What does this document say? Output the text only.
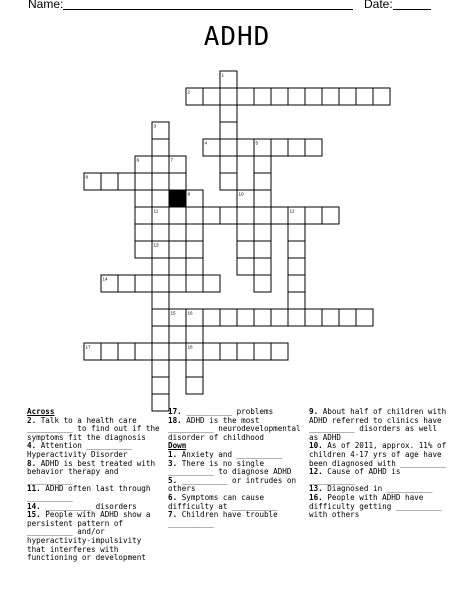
Name:	Date:
ADHD
2
4
8
11
14
15
17	18
1
3
5
6	7
9	10
12
13
16

Across

2. Talk to a health care __________ to find out if the symptoms fit the diagnosis

4. Attention __________ Hyperactivity Disorder

8. ADHD is best treated with behavior therapy and __________

11. ADHD often last through __________

14. __________ disorders

15. People with ADHD show a persistent pattern of __________ and/or hyperactivity-impulsivity that interferes with functioning or development

17. __________ problems

18. ADHD is the most __________ neurodevelopmental disorder of childhood

Down

1. Anxiety and __________

3. There is no single __________ to diagnose ADHD

5. __________ or intrudes on others

6. Symptoms can cause difficulty at __________

7. Children have trouble __________

9. About half of children with ADHD referred to clinics have __________ disorders as well as ADHD

10. As of 2011, approx. 11% of children 4-17 yrs of age have been diagnosed with __________

12. Cause of ADHD is __________

13. Diagnosed in __________

16. People with ADHD have difficulty getting __________ with others
